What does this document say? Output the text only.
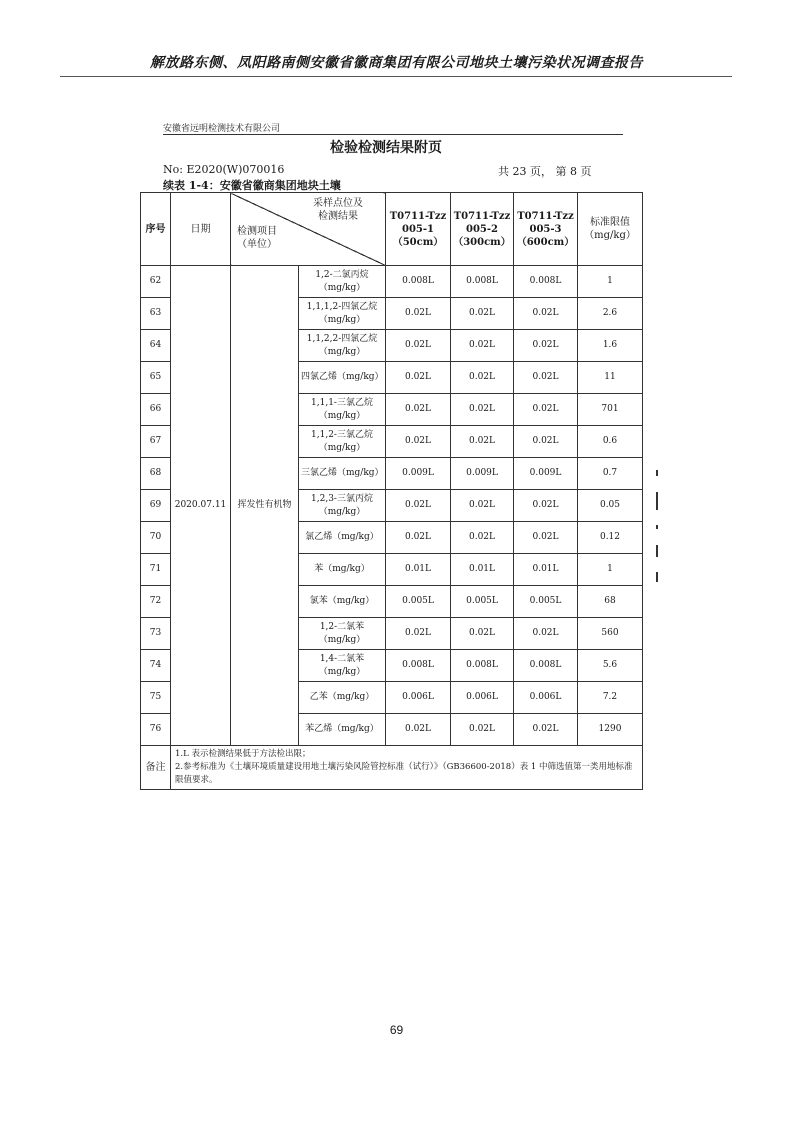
解放路东侧、凤阳路南侧安徽省徽商集团有限公司地块土壤污染状况调查报告
安徽省远明检测技术有限公司
检验检测结果附页
No: E2020(W)070016	共 23 页， 第 8 页
续表 1-4：安徽省徽商集团地块土壤
序号	日期	采样点位及
检测结果
检测项目
（单位）		T0711-Tzz
005-1
（50cm）	T0711-Tzz
005-2
（300cm）	T0711-Tzz
005-3
（600cm）	标准限值
（mg/kg）
62	2020.07.11	挥发性有机物	1,2-二氯丙烷
（mg/kg）	0.008L	0.008L	0.008L	1
63			1,1,1,2-四氯乙烷
（mg/kg）	0.02L	0.02L	0.02L	2.6
64			1,1,2,2-四氯乙烷
（mg/kg）	0.02L	0.02L	0.02L	1.6
65			四氯乙烯（mg/kg）	0.02L	0.02L	0.02L	11
66			1,1,1-三氯乙烷
（mg/kg）	0.02L	0.02L	0.02L	701
67			1,1,2-三氯乙烷
（mg/kg）	0.02L	0.02L	0.02L	0.6
68			三氯乙烯（mg/kg）	0.009L	0.009L	0.009L	0.7
69			1,2,3-三氯丙烷
（mg/kg）	0.02L	0.02L	0.02L	0.05
70			氯乙烯（mg/kg）	0.02L	0.02L	0.02L	0.12
71			苯（mg/kg）	0.01L	0.01L	0.01L	1
72			氯苯（mg/kg）	0.005L	0.005L	0.005L	68
73			1,2-二氯苯（mg/kg）	0.02L	0.02L	0.02L	560
74			1,4-二氯苯（mg/kg）	0.008L	0.008L	0.008L	5.6
75			乙苯（mg/kg）	0.006L	0.006L	0.006L	7.2
76			苯乙烯（mg/kg）	0.02L	0.02L	0.02L	1290
备注	1.L 表示检测结果低于方法检出限；
2.参考标准为《土壤环境质量建设用地土壤污染风险管控标准（试行）》（GB36600-2018）表 1 中筛选值第一类用地标准限值要求。						
69
